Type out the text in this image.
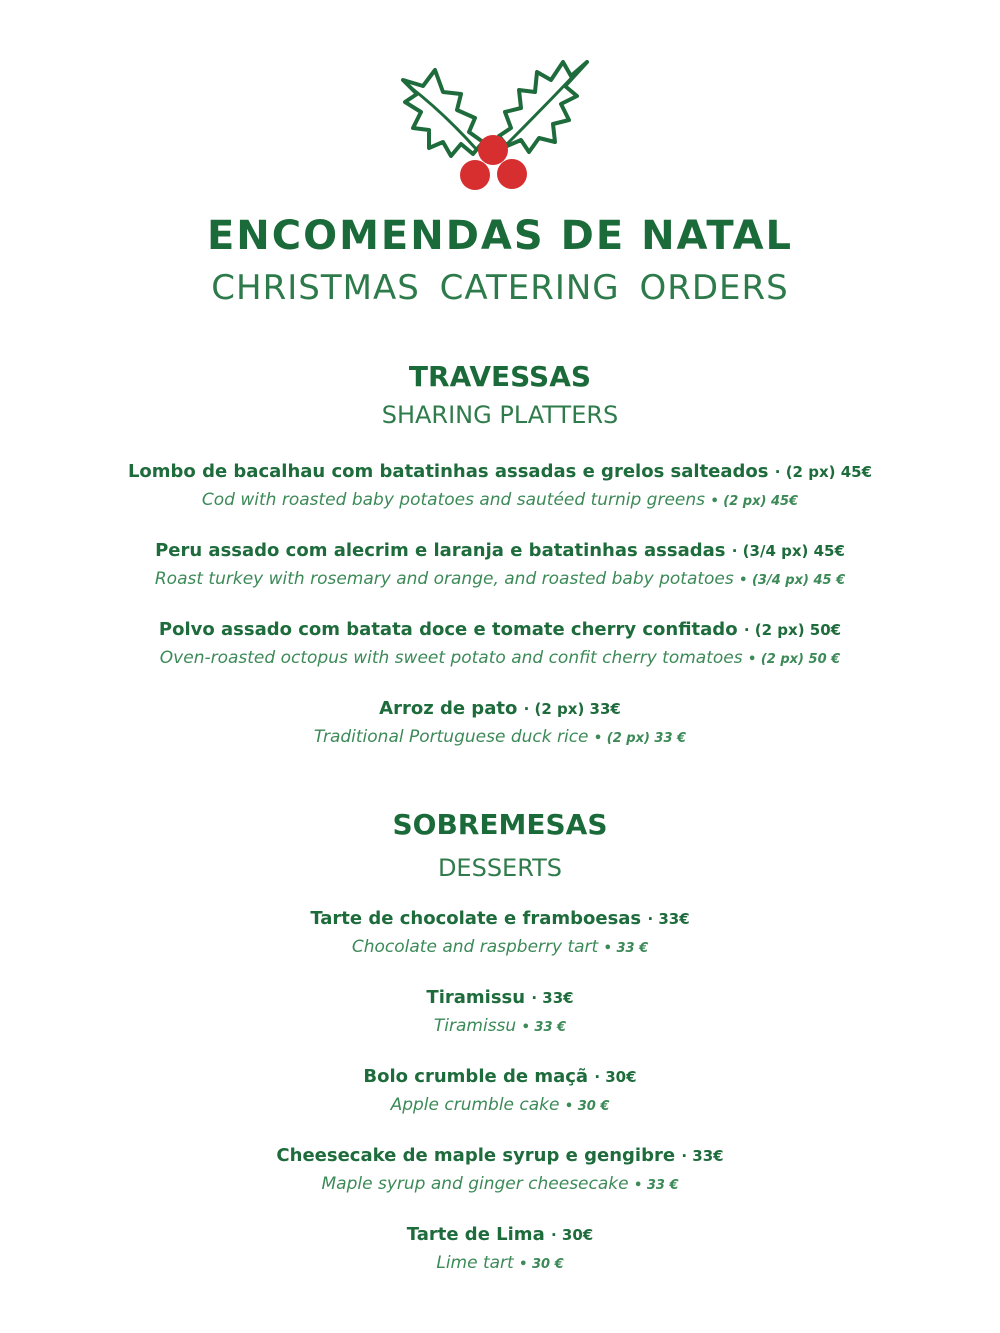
ENCOMENDAS DE NATAL
CHRISTMAS CATERING ORDERS
TRAVESSAS
SHARING PLATTERS
Lombo de bacalhau com batatinhas assadas e grelos salteados · (2 px) 45€
Cod with roasted baby potatoes and sautéed turnip greens • (2 px) 45€
Peru assado com alecrim e laranja e batatinhas assadas · (3/4 px) 45€
Roast turkey with rosemary and orange, and roasted baby potatoes • (3/4 px) 45 €
Polvo assado com batata doce e tomate cherry confitado · (2 px) 50€
Oven-roasted octopus with sweet potato and confit cherry tomatoes • (2 px) 50 €
Arroz de pato · (2 px) 33€
Traditional Portuguese duck rice • (2 px) 33 €
SOBREMESAS
DESSERTS
Tarte de chocolate e framboesas · 33€
Chocolate and raspberry tart • 33 €
Tiramissu · 33€
Tiramissu • 33 €
Bolo crumble de maçã · 30€
Apple crumble cake • 30 €
Cheesecake de maple syrup e gengibre · 33€
Maple syrup and ginger cheesecake • 33 €
Tarte de Lima · 30€
Lime tart • 30 €
